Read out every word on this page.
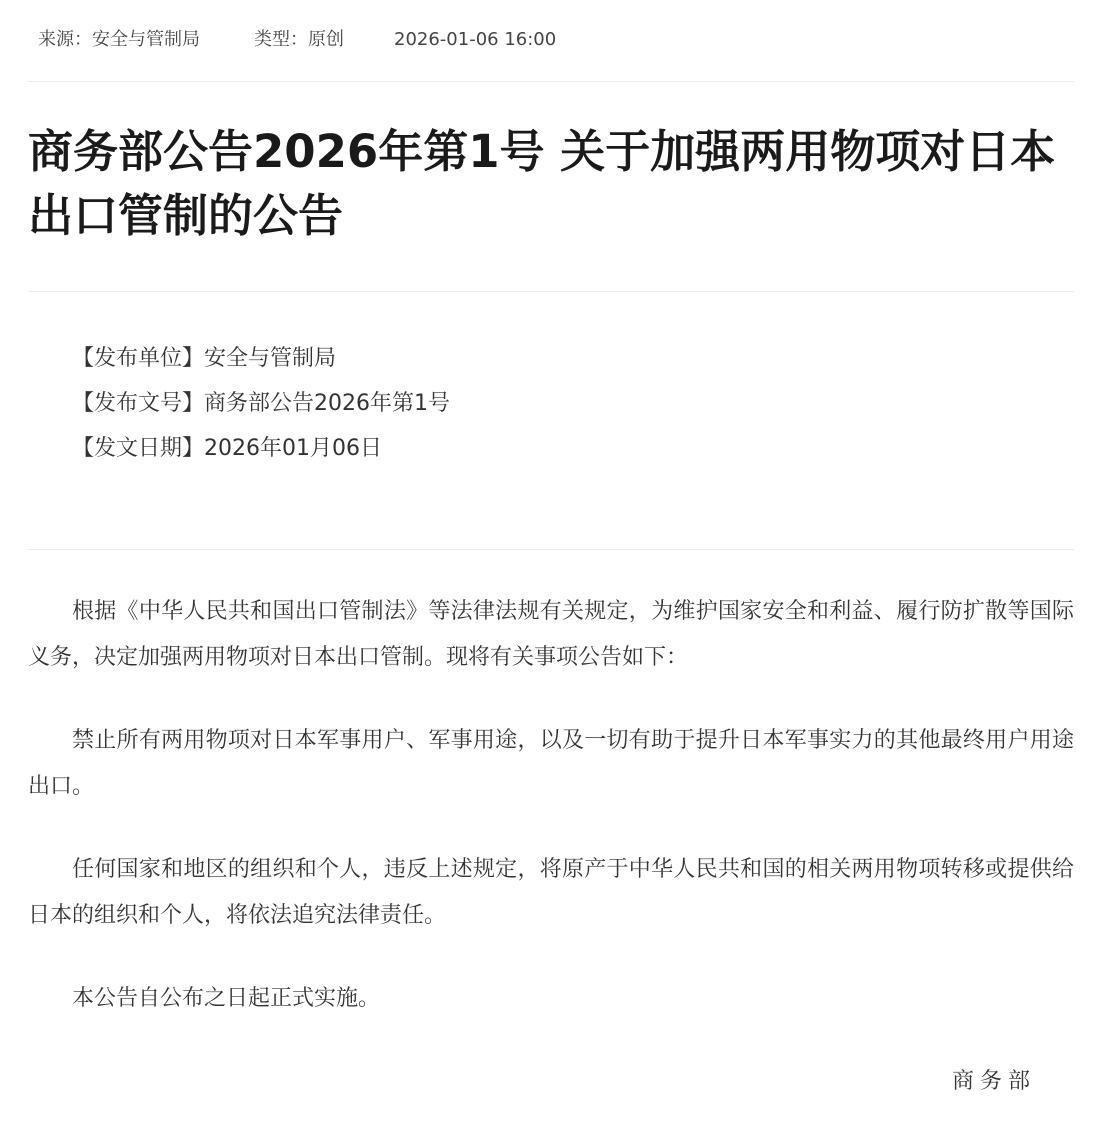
来源：安全与管制局	类型：原创	2026-01-06 16:00
商务部公告2026年第1号 关于加强两用物项对日本出口管制的公告
【发布单位】安全与管制局
【发布文号】商务部公告2026年第1号
【发文日期】2026年01月06日

根据《中华人民共和国出口管制法》等法律法规有关规定，为维护国家安全和利益、履行防扩散等国际义务，决定加强两用物项对日本出口管制。现将有关事项公告如下：

禁止所有两用物项对日本军事用户、军事用途，以及一切有助于提升日本军事实力的其他最终用户用途出口。

任何国家和地区的组织和个人，违反上述规定，将原产于中华人民共和国的相关两用物项转移或提供给日本的组织和个人，将依法追究法律责任。

本公告自公布之日起正式实施。

商务部
